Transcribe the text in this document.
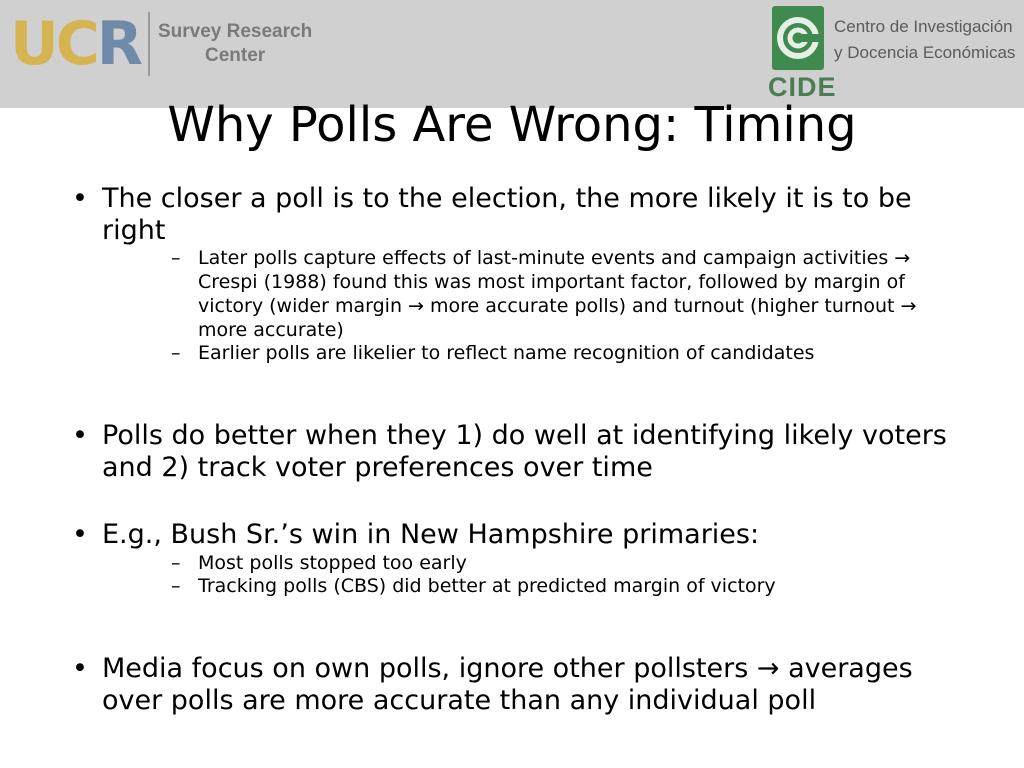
UCR Survey Research
Center
CIDE
Centro de Investigación
y Docencia Económicas
Why Polls Are Wrong: Timing
• The closer a poll is to the election, the more likely it is to be right
– Later polls capture effects of last-minute events and campaign activities → Crespi (1988) found this was most important factor, followed by margin of victory (wider margin → more accurate polls) and turnout (higher turnout → more accurate)
– Earlier polls are likelier to reflect name recognition of candidates
• Polls do better when they 1) do well at identifying likely voters and 2) track voter preferences over time
• E.g., Bush Sr.’s win in New Hampshire primaries:
– Most polls stopped too early
– Tracking polls (CBS) did better at predicted margin of victory
• Media focus on own polls, ignore other pollsters → averages over polls are more accurate than any individual poll
